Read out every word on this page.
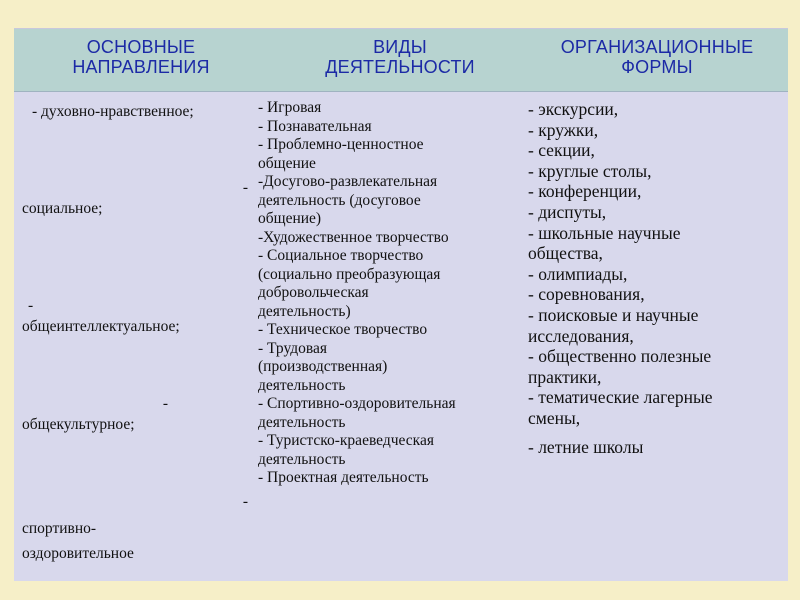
ОСНОВНЫЕ
НАПРАВЛЕНИЯ
ВИДЫ
ДЕЯТЕЛЬНОСТИ
ОРГАНИЗАЦИОННЫЕ
ФОРМЫ
- духовно-нравственное;
-
социальное;
-
общеинтеллектуальное;
-
общекультурное;
-
спортивно-
оздоровительное
- Игровая
- Познавательная
- Проблемно-ценностное
общение
-Досугово-развлекательная
деятельность (досуговое
общение)
-Художественное творчество
- Социальное творчество
(социально преобразующая
добровольческая
деятельность)
- Техническое творчество
- Трудовая
(производственная)
деятельность
- Спортивно-оздоровительная
деятельность
- Туристско-краеведческая
деятельность
- Проектная деятельность
- экскурсии,
- кружки,
- секции,
- круглые столы,
- конференции,
- диспуты,
- школьные научные
общества,
- олимпиады,
- соревнования,
- поисковые и научные
исследования,
- общественно полезные
практики,
- тематические лагерные
смены,
- летние школы
